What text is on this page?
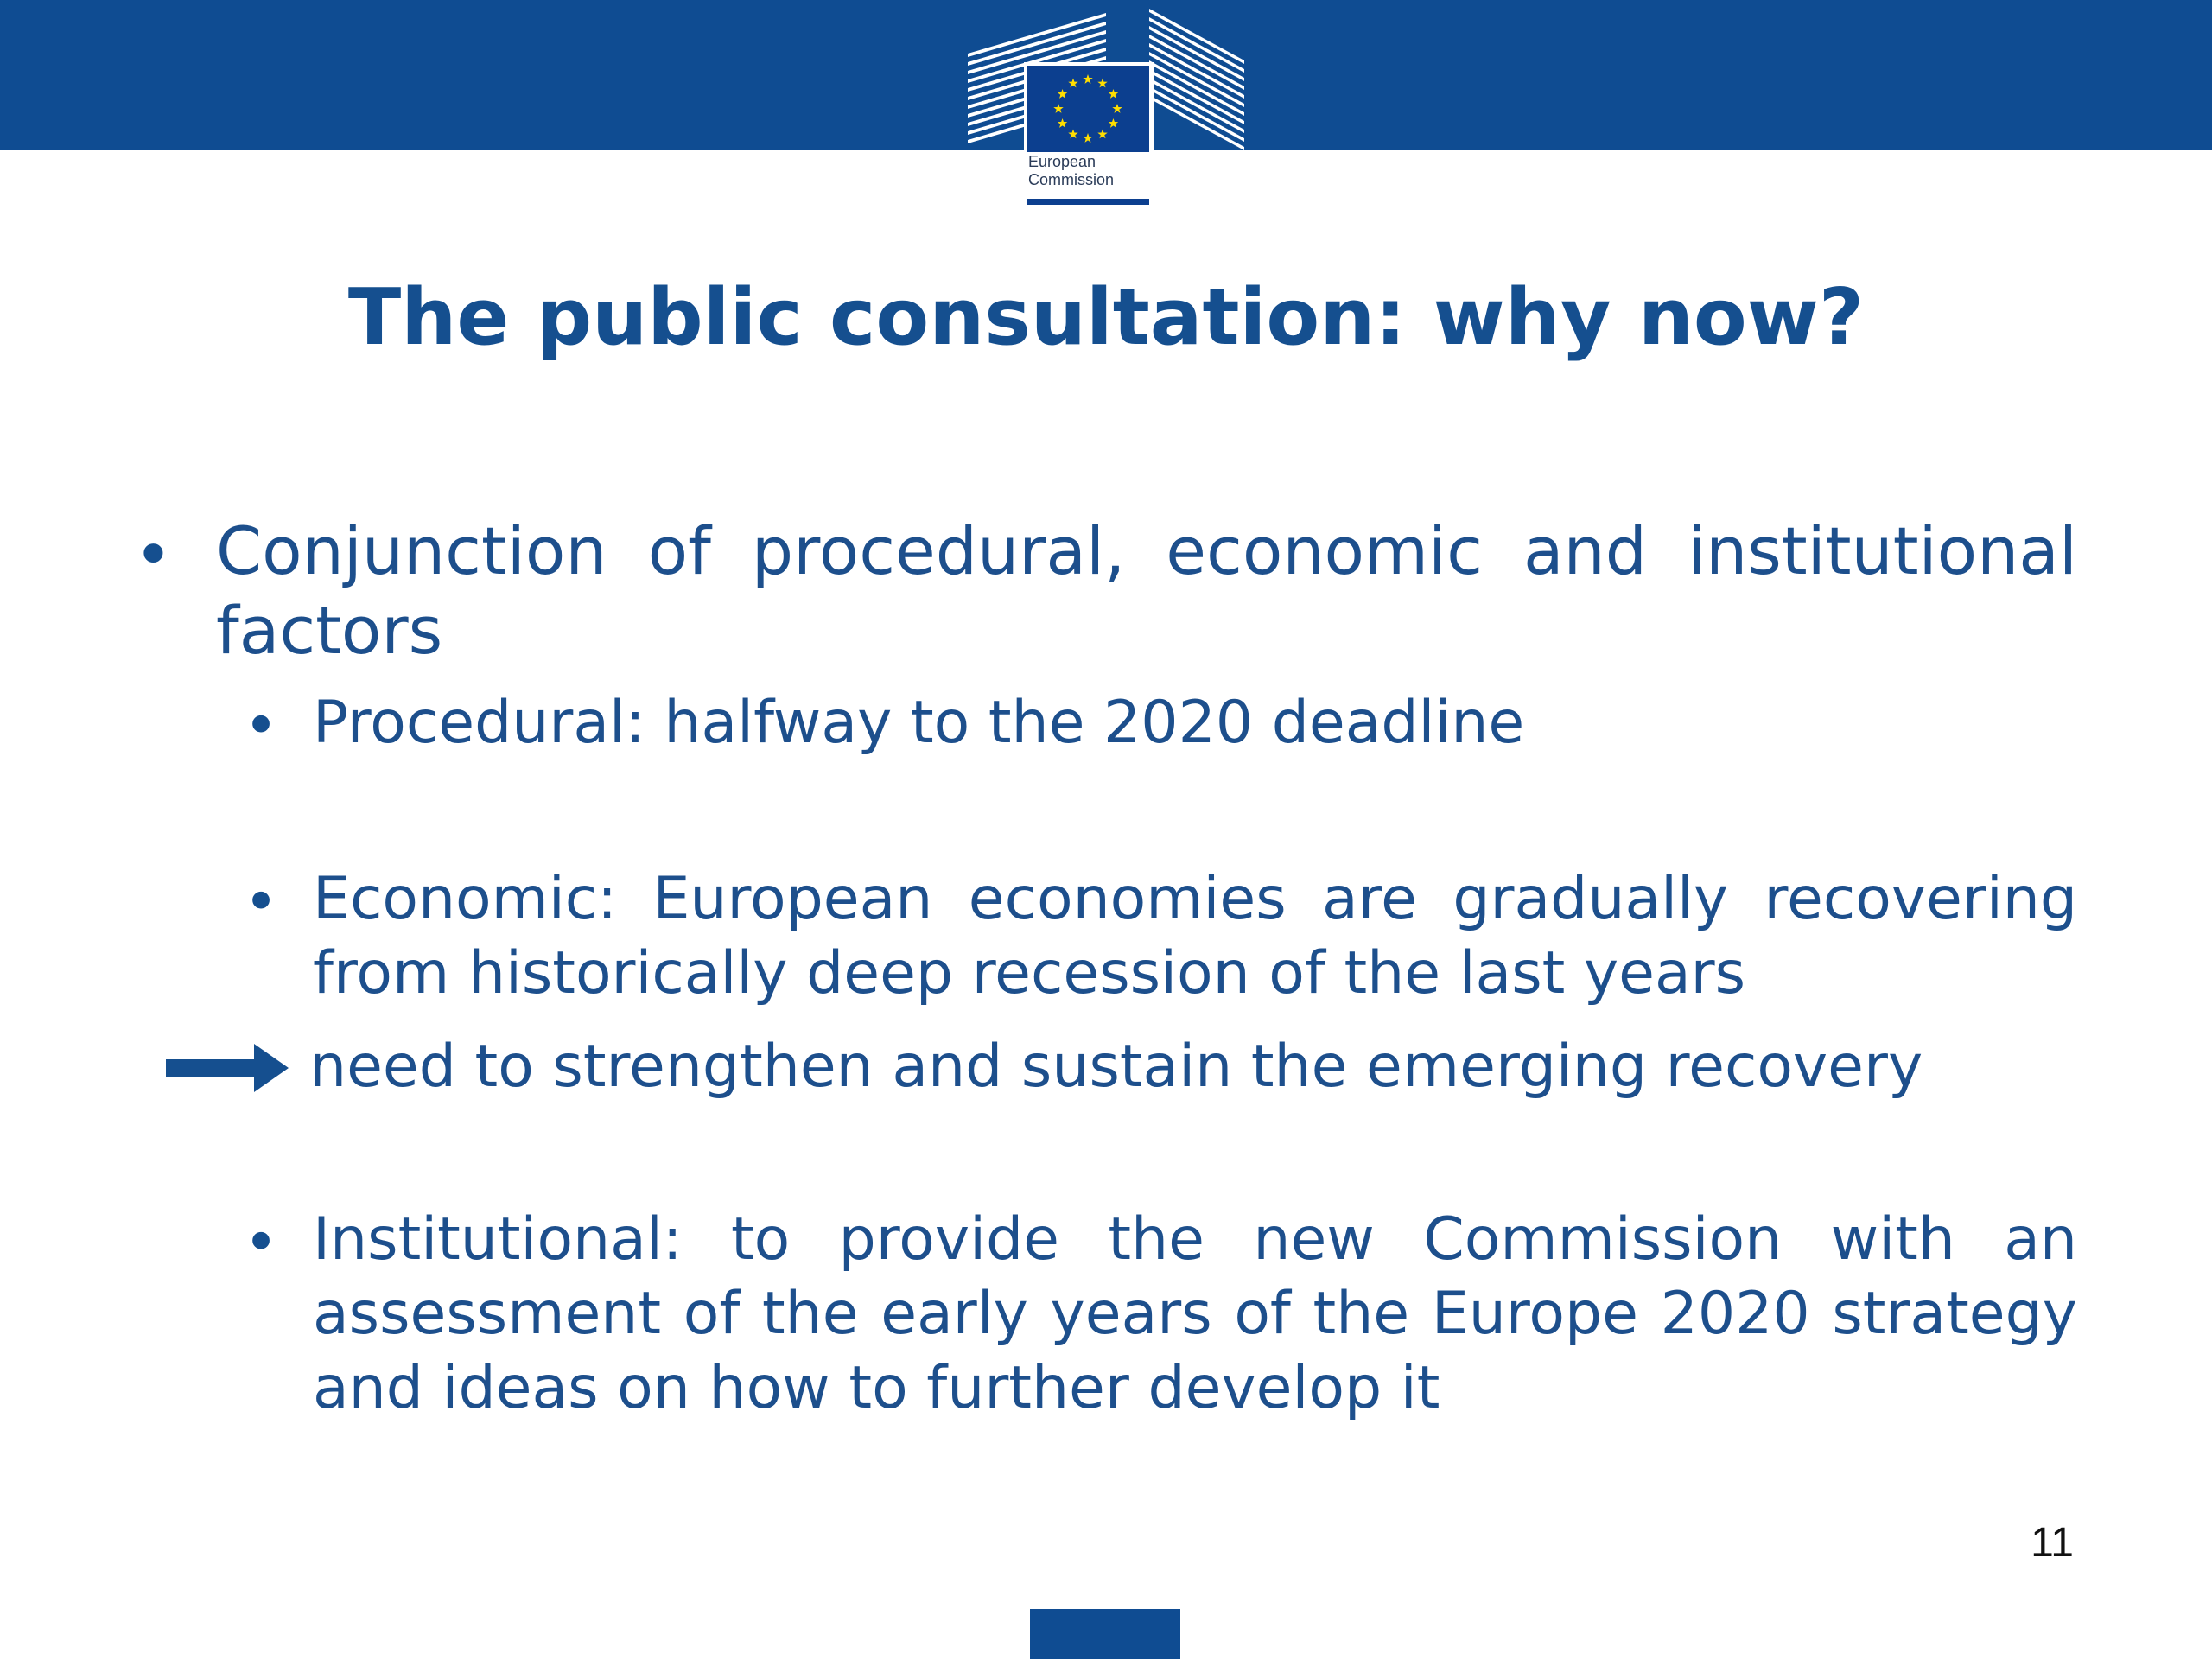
European
Commission
The public consultation: why now?
• Conjunction of procedural, economic and institutional factors

• Procedural: halfway to the 2020 deadline

• Economic: European economies are gradually recovering from historically deep recession of the last years

need to strengthen and sustain the emerging recovery
• Institutional: to provide the new Commission with an assessment of the early years of the Europe 2020 strategy and ideas on how to further develop it

11
